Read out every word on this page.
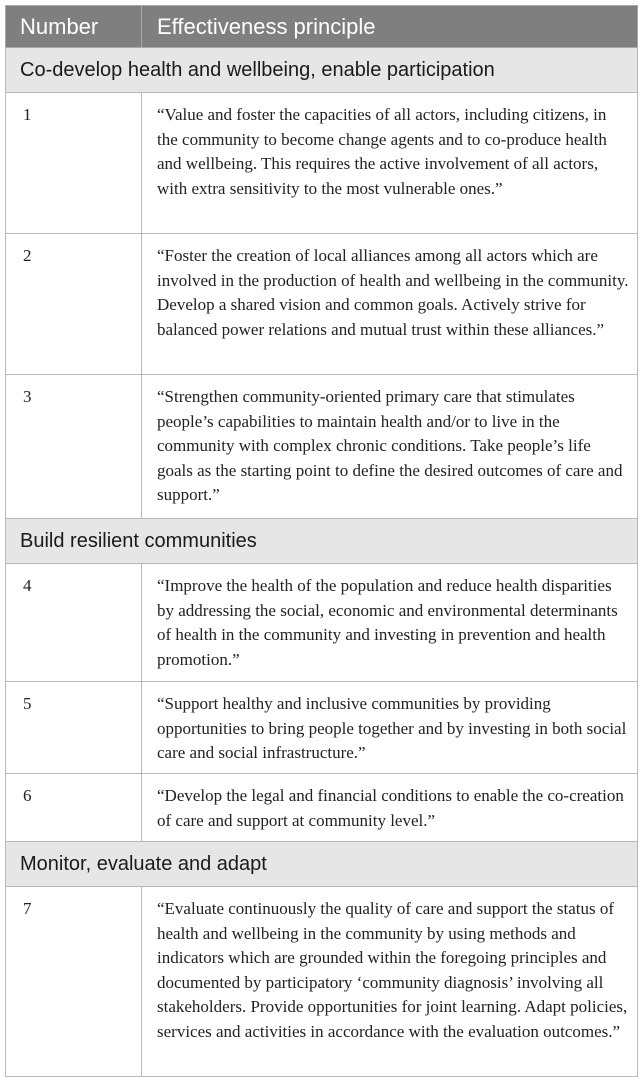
Number	Effectiveness principle
Co-develop health and wellbeing, enable participation	
1	“Value and foster the capacities of all actors, including citizens, in the community to become change agents and to co-produce health and wellbeing. This requires the active involvement of all actors, with extra sensitivity to the most vulnerable ones.”
2	“Foster the creation of local alliances among all actors which are involved in the production of health and wellbeing in the community. Develop a shared vision and common goals. Actively strive for balanced power relations and mutual trust within these alliances.”
3	“Strengthen community-oriented primary care that stimulates people’s capabilities to maintain health and/or to live in the community with complex chronic conditions. Take people’s life goals as the starting point to define the desired outcomes of care and support.”
Build resilient communities	
4	“Improve the health of the population and reduce health disparities by addressing the social, economic and environmental determinants of health in the community and investing in prevention and health promotion.”
5	“Support healthy and inclusive communities by providing opportunities to bring people together and by investing in both social care and social infrastructure.”
6	“Develop the legal and financial conditions to enable the co-creation of care and support at community level.”
Monitor, evaluate and adapt	
7	“Evaluate continuously the quality of care and support the status of health and wellbeing in the community by using methods and indicators which are grounded within the foregoing principles and documented by participatory ‘community diagnosis’ involving all stakeholders. Provide opportunities for joint learning. Adapt policies, services and activities in accordance with the evaluation outcomes.”
